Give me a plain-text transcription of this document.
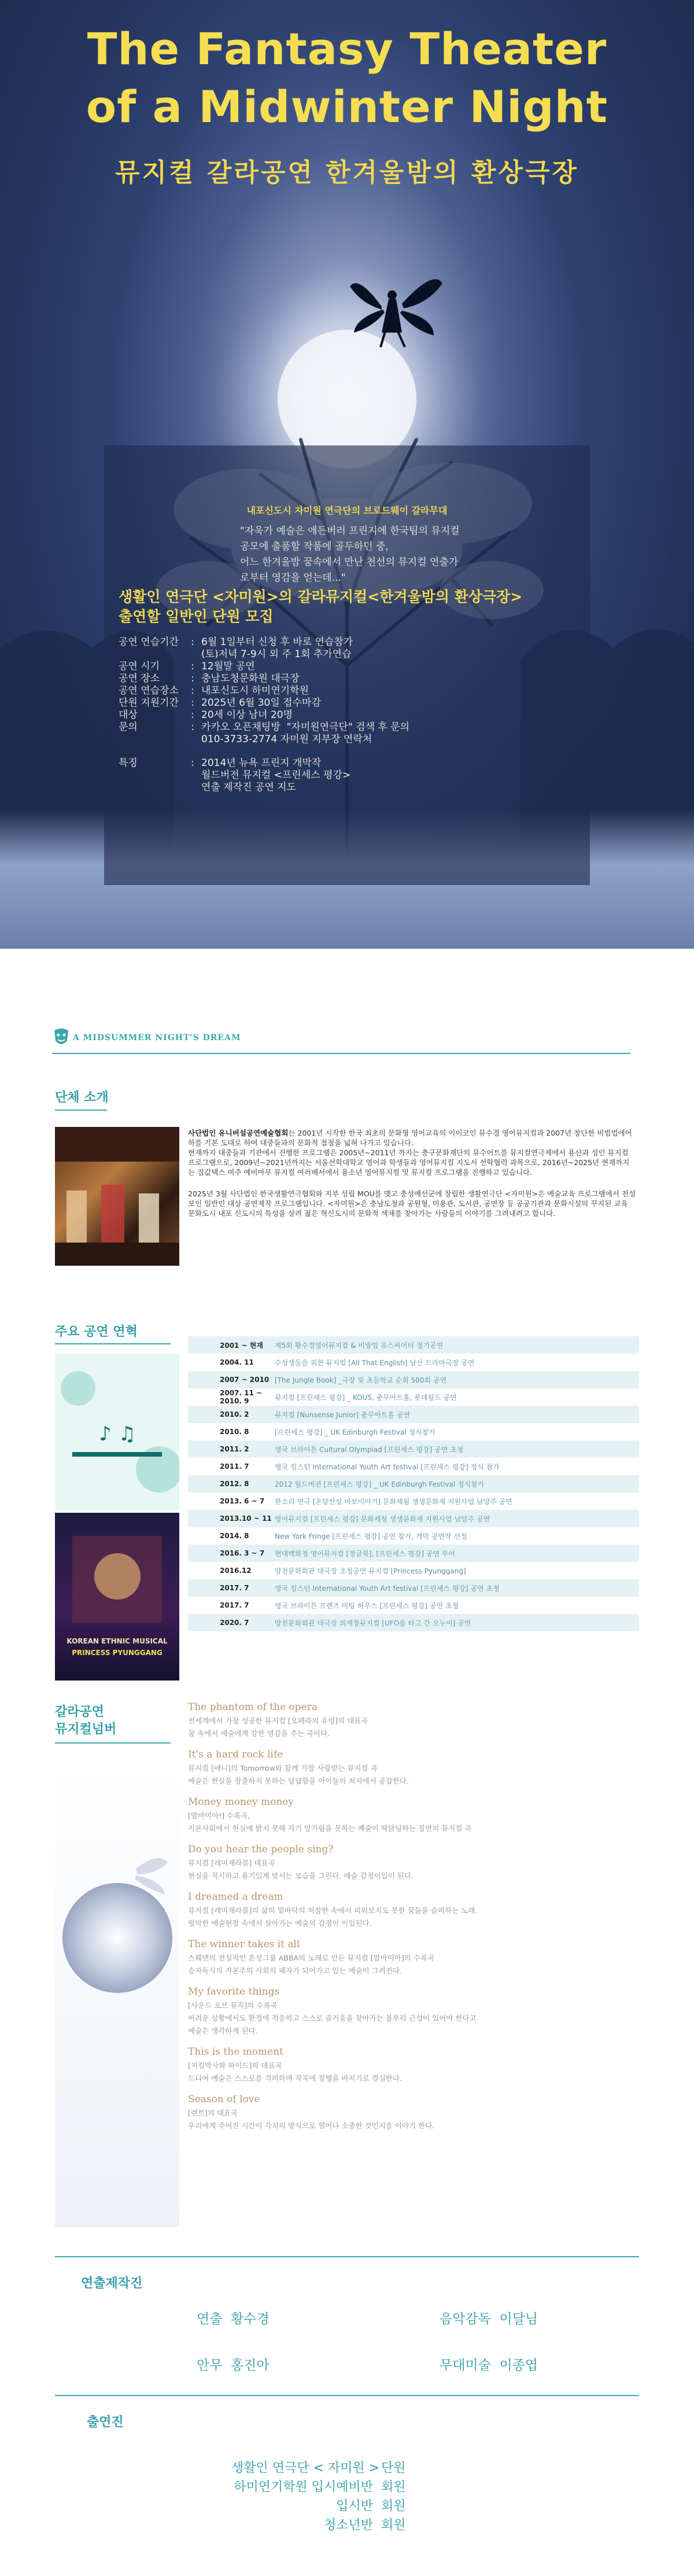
The Fantasy Theater
of a Midwinter Night
뮤지컬 갈라공연 한겨울밤의 환상극장
내포신도시 자미원 연극단의 브로드웨이 갈라무대
"자욱가 예술은 애든버러 프린지에 한국팀의 뮤지컬
공모에 출품할 작품에 골두하던 중,
어느 한겨울밤 꿈속에서 만난 천선의 뮤지컬 연출가
로부터 영감을 얻는데..."
생활인 연극단 <자미원>의 갈라뮤지컬<한겨울밤의 환상극장>
출연할 일반인 단원 모집
공연 연습기간	: 6월 1일부터 신청 후 바로 연습참가
(토)저녁 7-9시 외 주 1회 추가연습
공연 시기	: 12월말 공연
공연 장소	: 충남도청문화원 대극장
공연 연습장소	: 내포신도시 하미연기학원
단원 지원기간	: 2025년 6월 30일 접수마감
대상	: 20세 이상 남녀 20명
문의	: 카카오 오픈채팅방  "자미원연극단" 검색 후 문의
010-3733-2774 자미원 지부장 연락처
특징	: 2014년 뉴욕 프린지 개막작
월드버전 뮤지컬 <프린세스 평강>
연출 제작진 공연 지도
A MIDSUMMER NIGHT'S DREAM
단체 소개

사단법인 유니버설공연예술협회는 2001년 시작한 한국 최초의 문화형 영어교육의 이이코인 뮤수경 영어뮤지컬과 2007년 창단한 비법법에어하를 기본 도대로 하여 대중들과의 문화적 접점을 넓혀 나가고 있습니다.
현재까지 대중들과 기관에서 진행한 프로그램은 2005년~2011년 까지는 충구문화재단의 뮤수어트를 뮤지컬연극제에서 용산과 성인 뮤지컬 프로그램으로, 2009년~2021년까지는 서울선학대학교 영어과 학생들과 영어뮤지컬 지도서 선학협력 과목으로, 2016년~2025년 현재까지는 집값택스 여주 예비마무 뮤지컬 여러배서에서 용소년 영어뮤지컬 및 뮤지컬 프로그램을 진행하고 있습니다.

2025년 3월 사단법인 한국생활연극협회와 지부 성립 MOU를 맺고 충성예선군에 창립한 생활연극단 <자미원>은 예술교육 프로그램에서 전성보인 일반인 대상 공연제작 프로그램입니다. <자미원>은 충남도청과 공원형, 미용관, 도서관, 공연장 등 공공기관과 문화시설의 꾸지된 교육 문화도시 내포 신도시의 특성을 살려 젊은 혁신도시의 문화적 색채를 찾아가는 사람들의 이야기를 그려내려고 합니다.

주요 공연 연혁
♪ ♫
KOREAN ETHNIC MUSICAL
PRINCESS PYUNGGANG
2001 ~ 현재	제5회 황수경영어뮤지컬 & 비방법 유스씨어터 정기공연
2004. 11	수성생들을 위한 뮤지컬 [All That English] 남산 드라마극장 공연
2007 ~ 2010 [The Jungle Book] _극장 및 초등학교 순회 500회 공연
2007. 11 ~ 2010. 9	뮤지컬 [프린세스 평강] _ KOUS, 충무아트홀, 롯데월드 공연
2010. 2	뮤지컬 [Nunsense Junior] 충무아트홀 공연
2010. 8	[프린세스 평강] _ UK Edinburgh Festival 정식참가
2011. 2	영국 브라이튼 Cultural Olympiad [프린세스 평강] 공연 초청
2011. 7	영국 킹스턴 International Youth Art festival [프린세스 평강] 정식 참가
2012. 8	2012 월드버전 [프린세스 평강] _ UK Edinburgh Festival 정식참가
2013. 6 ~ 7	한소리 연극 [온달산성 바보이야기] 문화채됨 생생문화재 지원사업 남양주 공연
2013.10 ~ 11 영어뮤지컬 [프린세스 평강] 문화재청 생생문화재 지원사업 남양주 공연
2014. 8	New York Fringe [프린세스 평강] 공연 참가, 개막 공연작 선정
2016. 3 ~ 7	현대백화점 영어뮤지컬 [정글북], [프린세스 평강] 공연 투어
2016.12	양천문화회관 대극장 초청공연 뮤지컬 [Princess Pyunggang]
2017. 7	영국 킹스턴 International Youth Art festival [프린세스 평강] 공연 초청
2017. 7	영국 브라이튼 프렌즈 미팅 하우스 [프린세스 평강] 공연 초청
2020. 7	양천문화회관 대극장 외계창뮤지컬 [UFO를 타고 간 오누이] 공연
갈라공연
뮤지컬넘버
The phantom of the opera
전세계에서 가장 성공한 뮤지컬 [오페라의 유령]의 대표곡
꿈 속에서 예술에게 강한 영감을 주는 곡이다.
It's a hard rock life
뮤지컬 [애니]의 Tomorrow와 함께 가장 사랑받는 뮤지컬 곡
예술은 현실을 장출하지 못하는 답답함을 아이들의 처지에서 공감한다.
Money money money
[맘마미아!] 수록곡,
지본사회에서 현실에 밝지 못해 자기 앞가림을 못하는 예술이 딱닭딩하는 장면의 뮤지컬 곡
Do you hear the people sing?
뮤지컬 [레미제라블] 대표곡
현실을 직시하고 용기있게 맞서는 모습을 그린다. 예술 감정이입이 된다.
I dreamed a dream
뮤지컬 [레미제라블]의 삶의 밑바닥의 처참한 속에서 피워보지도 못한 꿈들을 슬퍼하는 노래.
떨막한 예술현장 속에서 살아가는 예술의 감정이 이입된다.
The winner takes it all
스웨덴의 전설적인 혼성그룹 ABBA의 노래로 만든 뮤지컬 [맘마미아]의 수록곡
승자독식의 자본주의 사회의 패자가 되어가고 있는 예술이 그려진다.
My favorite things
[사운드 오브 뮤직]의 수록곡
어려운 상황에서도 환경에 적응하고 스스로 즐거움을 찾아가는 볼투리 근성이 있어야 한다고
예술은 생각하게 된다.
This is the moment
[지킬박사와 하이드]의 대표곡
드디어 예술은 스스로를 격려하며 작곡에 점행을 바치기로 결심한다.
Season of love
[렌트]의 대표곡
우리에게 주어진 시간이 각지의 방식으로 떨어나 소중한 것인지를 이야기 한다.
연출제작진
연출 황수경	음악감독 이달님
안무 홍진아	무대미술 이종엽
출연진
생활인 연극단 < 자미원 > 단원
하미연기학원 입시예비반 회원
입시반 회원
청소년반 회원
